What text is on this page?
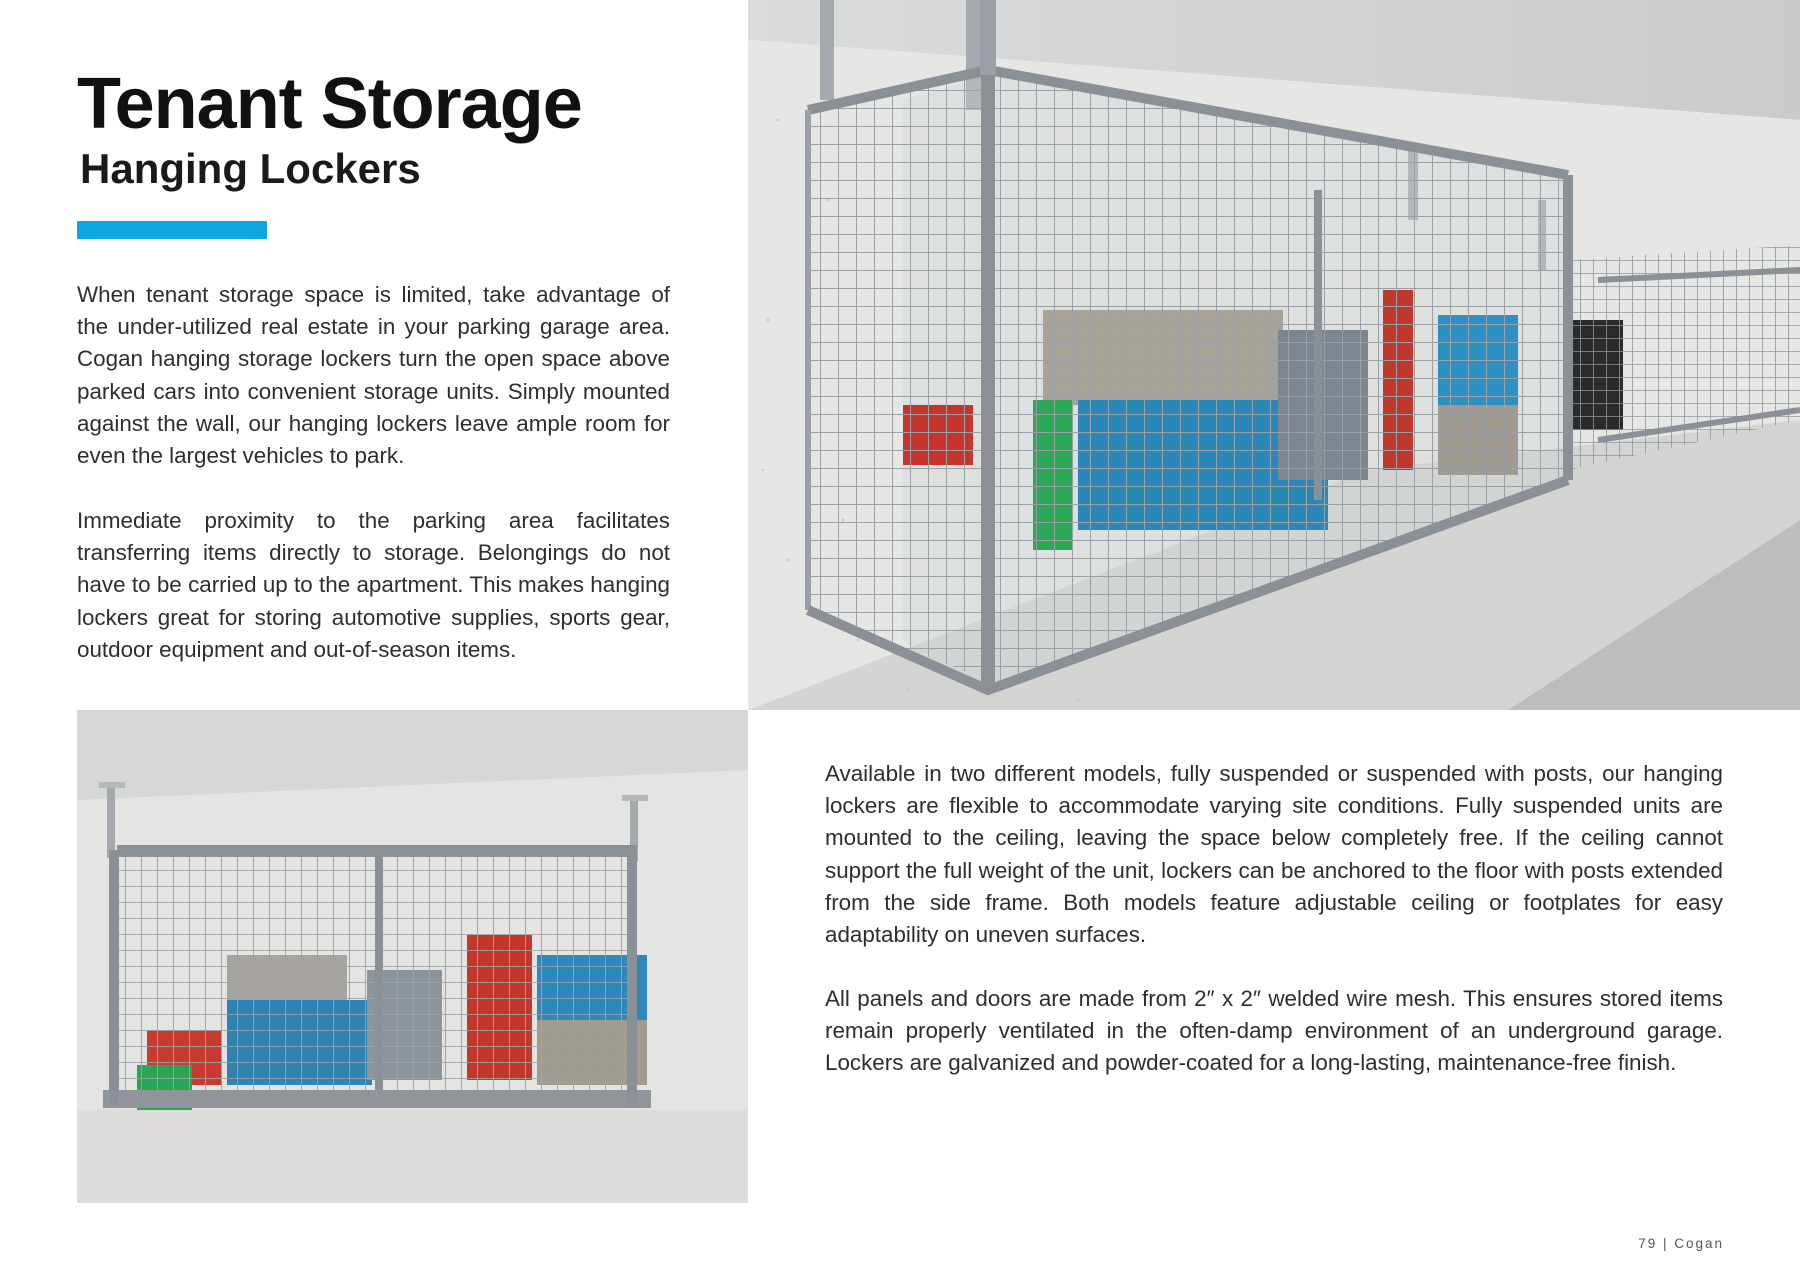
Tenant Storage
Hanging Lockers

When tenant storage space is limited, take advantage of the under-utilized real estate in your parking garage area. Cogan hanging storage lockers turn the open space above parked cars into convenient storage units. Simply mounted against the wall, our hanging lockers leave ample room for even the largest vehicles to park.

Immediate proximity to the parking area facilitates transferring items directly to storage. Belongings do not have to be carried up to the apartment. This makes hanging lockers great for storing automotive supplies, sports gear, outdoor equipment and out-of-season items.

Available in two different models, fully suspended or suspended with posts, our hanging lockers are flexible to accommodate varying site conditions. Fully suspended units are mounted to the ceiling, leaving the space below completely free. If the ceiling cannot support the full weight of the unit, lockers can be anchored to the floor with posts extended from the side frame. Both models feature adjustable ceiling or footplates for easy adaptability on uneven surfaces.

All panels and doors are made from 2″ x 2″ welded wire mesh. This ensures stored items remain properly ventilated in the often-damp environment of an underground garage. Lockers are galvanized and powder-coated for a long-lasting, maintenance-free finish.

79 | Cogan
